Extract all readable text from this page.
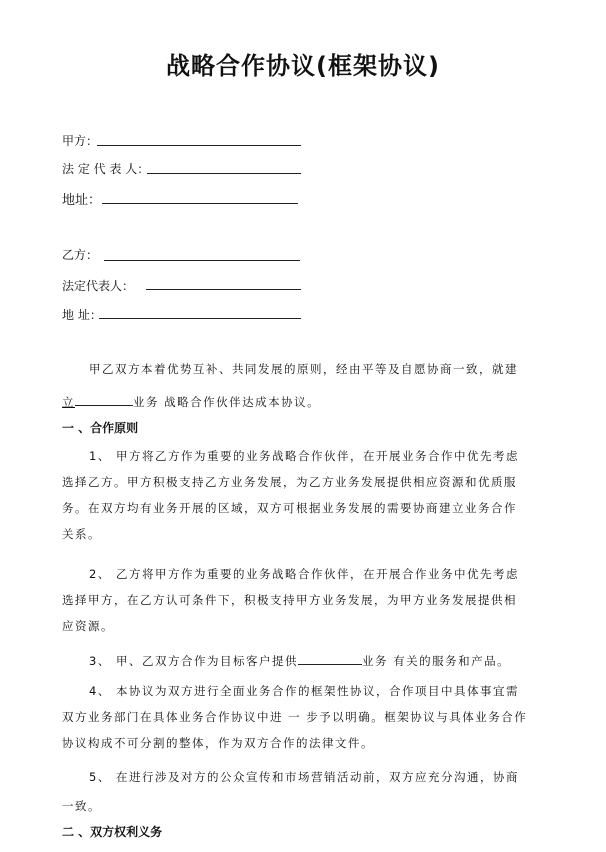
战略合作协议(框架协议)
甲方：
法 定 代 表 人：
地址：
乙方：
法定代表人：
地 址：
甲乙双方本着优势互补、共同发展的原则，经由平等及自愿协商一致，就建
立	业务 战略合作伙伴达成本协议。
一 、合作原则
1、 甲方将乙方作为重要的业务战略合作伙伴，在开展业务合作中优先考虑
选择乙方。甲方积极支持乙方业务发展，为乙方业务发展提供相应资源和优质服
务。在双方均有业务开展的区域，双方可根据业务发展的需要协商建立业务合作
关系。
2、 乙方将甲方作为重要的业务战略合作伙伴，在开展合作业务中优先考虑
选择甲方，在乙方认可条件下，积极支持甲方业务发展，为甲方业务发展提供相
应资源。
3、 甲、乙双方合作为目标客户提供	业务 有关的服务和产品。
4、 本协议为双方进行全面业务合作的框架性协议，合作项目中具体事宜需
双方业务部门在具体业务合作协议中进 一 步予以明确。框架协议与具体业务合作
协议构成不可分割的整体，作为双方合作的法律文件。
5、 在进行涉及对方的公众宣传和市场营销活动前，双方应充分沟通，协商
一致。
二 、双方权利义务
